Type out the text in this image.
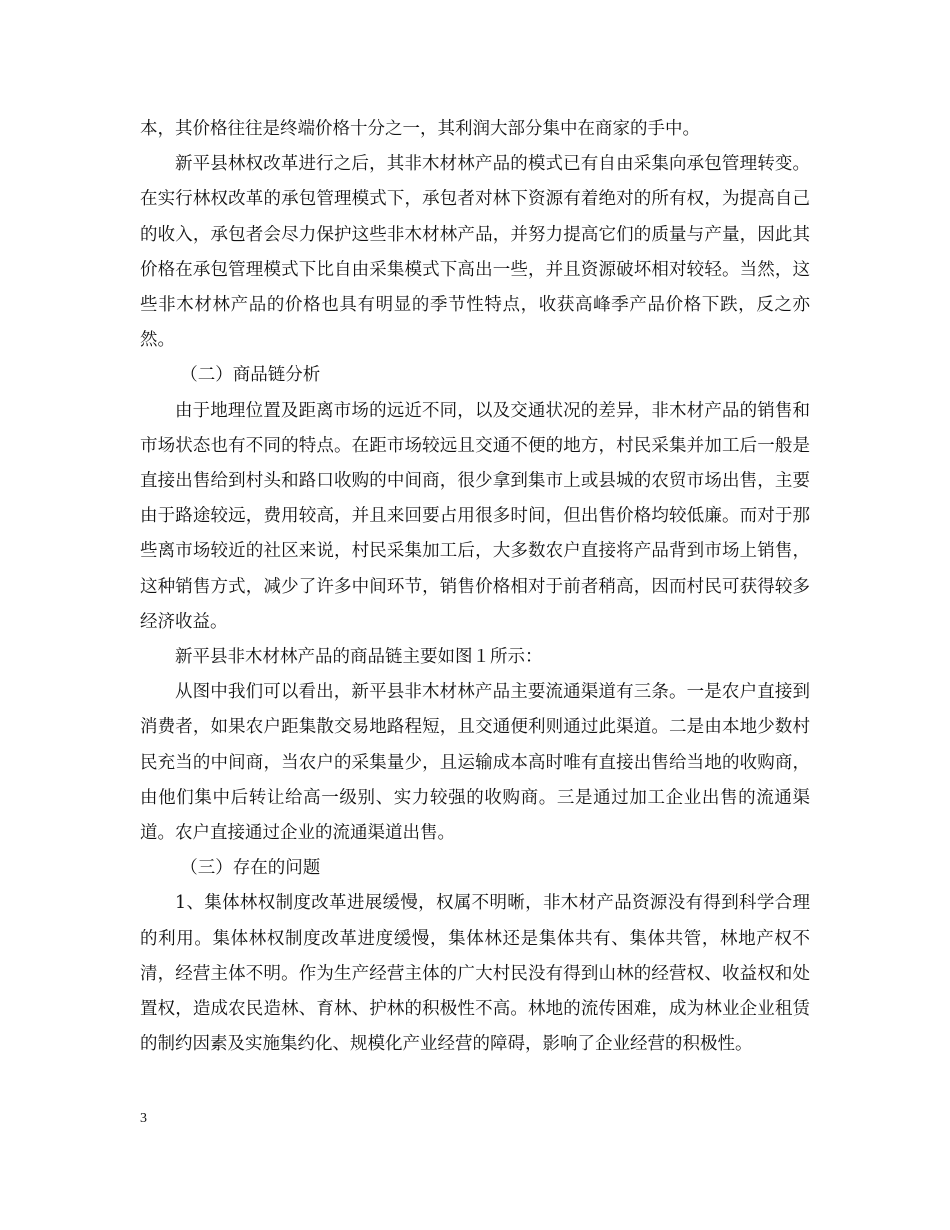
本，其价格往往是终端价格十分之一，其利润大部分集中在商家的手中。

新平县林权改革进行之后，其非木材林产品的模式已有自由采集向承包管理转变。在实行林权改革的承包管理模式下，承包者对林下资源有着绝对的所有权，为提高自己的收入，承包者会尽力保护这些非木材林产品，并努力提高它们的质量与产量，因此其价格在承包管理模式下比自由采集模式下高出一些，并且资源破坏相对较轻。当然，这些非木材林产品的价格也具有明显的季节性特点，收获高峰季产品价格下跌，反之亦然。

（二）商品链分析

由于地理位置及距离市场的远近不同，以及交通状况的差异，非木材产品的销售和市场状态也有不同的特点。在距市场较远且交通不便的地方，村民采集并加工后一般是直接出售给到村头和路口收购的中间商，很少拿到集市上或县城的农贸市场出售，主要由于路途较远，费用较高，并且来回要占用很多时间，但出售价格均较低廉。而对于那些离市场较近的社区来说，村民采集加工后，大多数农户直接将产品背到市场上销售，这种销售方式，减少了许多中间环节，销售价格相对于前者稍高，因而村民可获得较多经济收益。

新平县非木材林产品的商品链主要如图１所示：

从图中我们可以看出，新平县非木材林产品主要流通渠道有三条。一是农户直接到消费者，如果农户距集散交易地路程短，且交通便利则通过此渠道。二是由本地少数村民充当的中间商，当农户的采集量少，且运输成本高时唯有直接出售给当地的收购商，由他们集中后转让给高一级别、实力较强的收购商。三是通过加工企业出售的流通渠道。农户直接通过企业的流通渠道出售。

（三）存在的问题

1、集体林权制度改革进展缓慢，权属不明晰，非木材产品资源没有得到科学合理的利用。集体林权制度改革进度缓慢，集体林还是集体共有、集体共管，林地产权不清，经营主体不明。作为生产经营主体的广大村民没有得到山林的经营权、收益权和处置权，造成农民造林、育林、护林的积极性不高。林地的流传困难，成为林业企业租赁的制约因素及实施集约化、规模化产业经营的障碍，影响了企业经营的积极性。

3
